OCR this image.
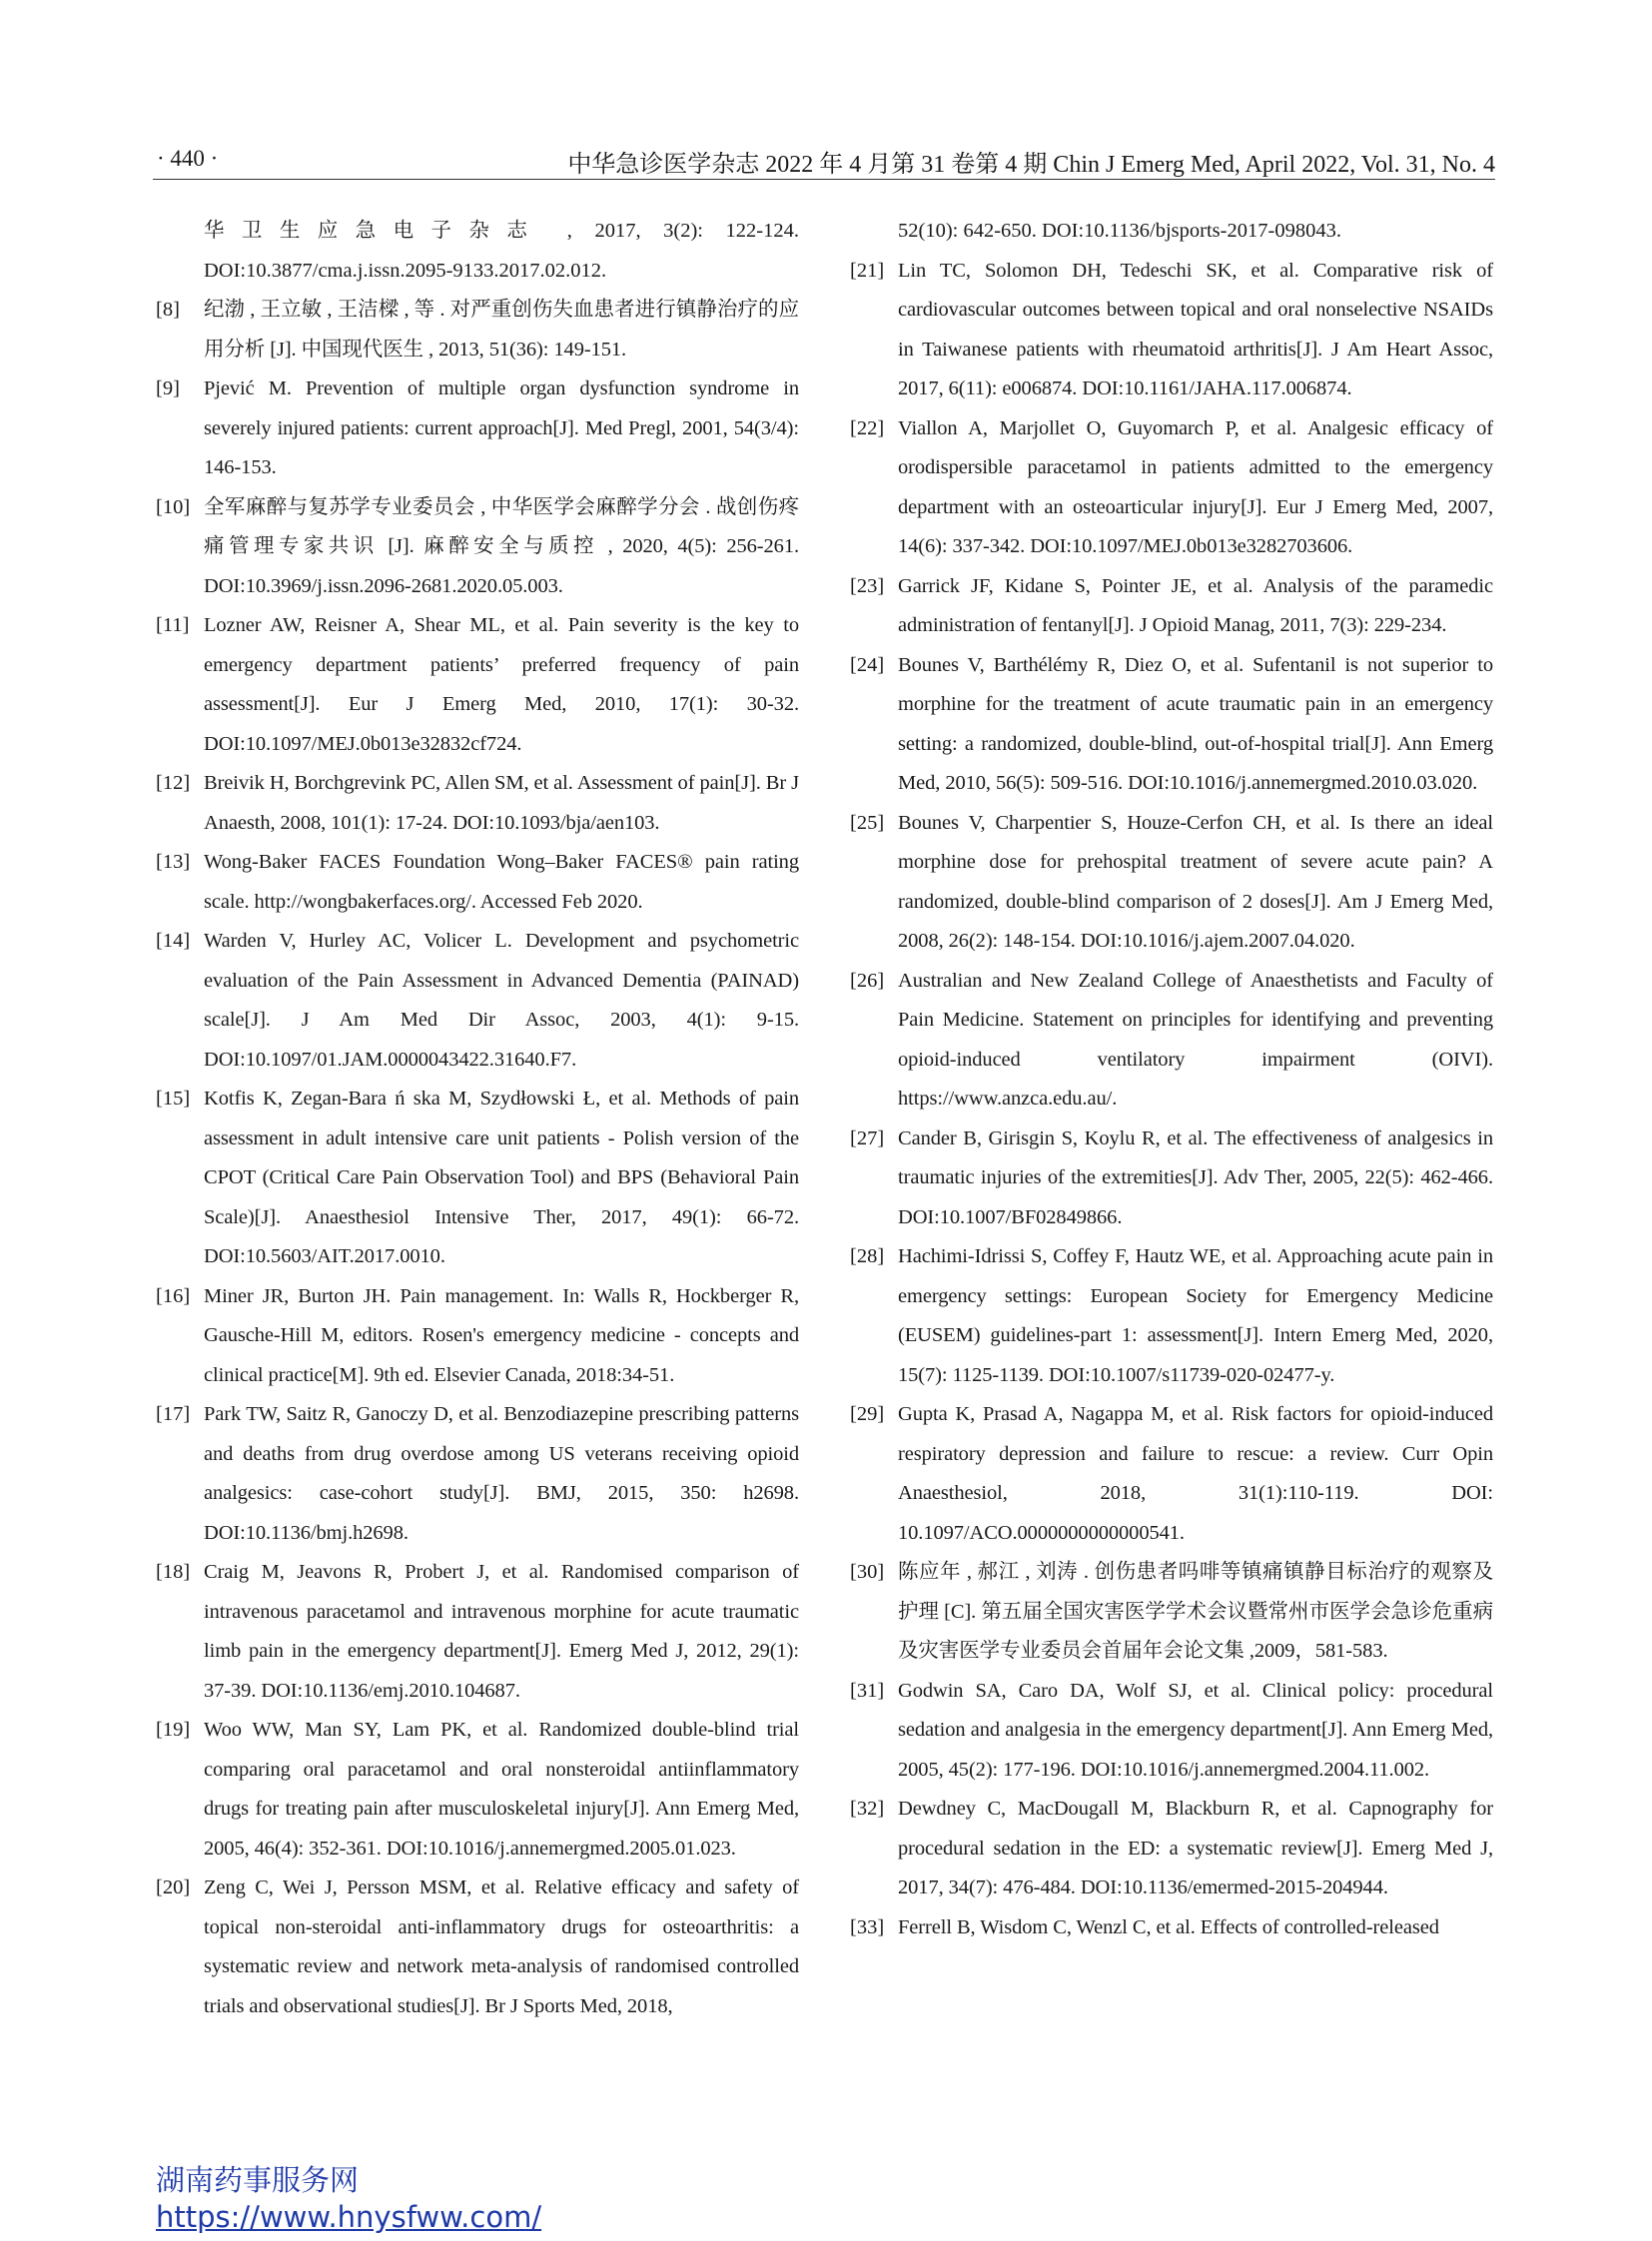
· 440 ·	中华急诊医学杂志 2022 年 4 月第 31 卷第 4 期 Chin J Emerg Med, April 2022, Vol. 31, No. 4
华卫生应急电子杂志 , 2017, 3(2): 122-124. DOI:10.3877/cma.j.issn.2095-9133.2017.02.012.
[8]	纪渤 , 王立敏 , 王洁樑 , 等 . 对严重创伤失血患者进行镇静治疗的应用分析 [J]. 中国现代医生 , 2013, 51(36): 149-151.
[9]	Pjević M. Prevention of multiple organ dysfunction syndrome in severely injured patients: current approach[J]. Med Pregl, 2001, 54(3/4): 146-153.
[10] 全军麻醉与复苏学专业委员会 , 中华医学会麻醉学分会 . 战创伤疼痛管理专家共识 [J]. 麻醉安全与质控 , 2020, 4(5): 256-261. DOI:10.3969/j.issn.2096-2681.2020.05.003.
[11] Lozner AW, Reisner A, Shear ML, et al. Pain severity is the key to emergency department patients’ preferred frequency of pain assessment[J]. Eur J Emerg Med, 2010, 17(1): 30-32. DOI:10.1097/MEJ.0b013e32832cf724.
[12] Breivik H, Borchgrevink PC, Allen SM, et al. Assessment of pain[J]. Br J Anaesth, 2008, 101(1): 17-24. DOI:10.1093/bja/aen103.
[13] Wong-Baker FACES Foundation Wong–Baker FACES® pain rating scale. http://wongbakerfaces.org/. Accessed Feb 2020.
[14] Warden V, Hurley AC, Volicer L. Development and psychometric evaluation of the Pain Assessment in Advanced Dementia (PAINAD) scale[J]. J Am Med Dir Assoc, 2003, 4(1): 9-15. DOI:10.1097/01.JAM.0000043422.31640.F7.
[15] Kotfis K, Zegan-Bara ń ska M, Szydłowski Ł, et al. Methods of pain assessment in adult intensive care unit patients - Polish version of the CPOT (Critical Care Pain Observation Tool) and BPS (Behavioral Pain Scale)[J]. Anaesthesiol Intensive Ther, 2017, 49(1): 66-72. DOI:10.5603/AIT.2017.0010.
[16] Miner JR, Burton JH. Pain management. In: Walls R, Hockberger R, Gausche-Hill M, editors. Rosen's emergency medicine - concepts and clinical practice[M]. 9th ed. Elsevier Canada, 2018:34-51.
[17] Park TW, Saitz R, Ganoczy D, et al. Benzodiazepine prescribing patterns and deaths from drug overdose among US veterans receiving opioid analgesics: case-cohort study[J]. BMJ, 2015, 350: h2698. DOI:10.1136/bmj.h2698.
[18] Craig M, Jeavons R, Probert J, et al. Randomised comparison of intravenous paracetamol and intravenous morphine for acute traumatic limb pain in the emergency department[J]. Emerg Med J, 2012, 29(1): 37-39. DOI:10.1136/emj.2010.104687.
[19] Woo WW, Man SY, Lam PK, et al. Randomized double-blind trial comparing oral paracetamol and oral nonsteroidal antiinflammatory drugs for treating pain after musculoskeletal injury[J]. Ann Emerg Med, 2005, 46(4): 352-361. DOI:10.1016/j.annemergmed.2005.01.023.
[20] Zeng C, Wei J, Persson MSM, et al. Relative efficacy and safety of topical non-steroidal anti-inflammatory drugs for osteoarthritis: a systematic review and network meta-analysis of randomised controlled trials and observational studies[J]. Br J Sports Med, 2018,
52(10): 642-650. DOI:10.1136/bjsports-2017-098043.
[21] Lin TC, Solomon DH, Tedeschi SK, et al. Comparative risk of cardiovascular outcomes between topical and oral nonselective NSAIDs in Taiwanese patients with rheumatoid arthritis[J]. J Am Heart Assoc, 2017, 6(11): e006874. DOI:10.1161/JAHA.117.006874.
[22] Viallon A, Marjollet O, Guyomarch P, et al. Analgesic efficacy of orodispersible paracetamol in patients admitted to the emergency department with an osteoarticular injury[J]. Eur J Emerg Med, 2007, 14(6): 337-342. DOI:10.1097/MEJ.0b013e3282703606.
[23] Garrick JF, Kidane S, Pointer JE, et al. Analysis of the paramedic administration of fentanyl[J]. J Opioid Manag, 2011, 7(3): 229-234.
[24] Bounes V, Barthélémy R, Diez O, et al. Sufentanil is not superior to morphine for the treatment of acute traumatic pain in an emergency setting: a randomized, double-blind, out-of-hospital trial[J]. Ann Emerg Med, 2010, 56(5): 509-516. DOI:10.1016/j.annemergmed.2010.03.020.
[25] Bounes V, Charpentier S, Houze-Cerfon CH, et al. Is there an ideal morphine dose for prehospital treatment of severe acute pain? A randomized, double-blind comparison of 2 doses[J]. Am J Emerg Med, 2008, 26(2): 148-154. DOI:10.1016/j.ajem.2007.04.020.
[26] Australian and New Zealand College of Anaesthetists and Faculty of Pain Medicine. Statement on principles for identifying and preventing opioid-induced ventilatory impairment (OIVI). https://www.anzca.edu.au/.
[27] Cander B, Girisgin S, Koylu R, et al. The effectiveness of analgesics in traumatic injuries of the extremities[J]. Adv Ther, 2005, 22(5): 462-466. DOI:10.1007/BF02849866.
[28] Hachimi-Idrissi S, Coffey F, Hautz WE, et al. Approaching acute pain in emergency settings: European Society for Emergency Medicine (EUSEM) guidelines-part 1: assessment[J]. Intern Emerg Med, 2020, 15(7): 1125-1139. DOI:10.1007/s11739-020-02477-y.
[29] Gupta K, Prasad A, Nagappa M, et al. Risk factors for opioid-induced respiratory depression and failure to rescue: a review. Curr Opin Anaesthesiol, 2018, 31(1):110-119. DOI: 10.1097/ACO.0000000000000541.
[30] 陈应年 , 郝江 , 刘涛 . 创伤患者吗啡等镇痛镇静目标治疗的观察及护理 [C]. 第五届全国灾害医学学术会议暨常州市医学会急诊危重病及灾害医学专业委员会首届年会论文集 ,2009，581-583.
[31] Godwin SA, Caro DA, Wolf SJ, et al. Clinical policy: procedural sedation and analgesia in the emergency department[J]. Ann Emerg Med, 2005, 45(2): 177-196. DOI:10.1016/j.annemergmed.2004.11.002.
[32] Dewdney C, MacDougall M, Blackburn R, et al. Capnography for procedural sedation in the ED: a systematic review[J]. Emerg Med J, 2017, 34(7): 476-484. DOI:10.1136/emermed-2015-204944.
[33] Ferrell B, Wisdom C, Wenzl C, et al. Effects of controlled-released
湖南药事服务网
https://www.hnysfww.com/
